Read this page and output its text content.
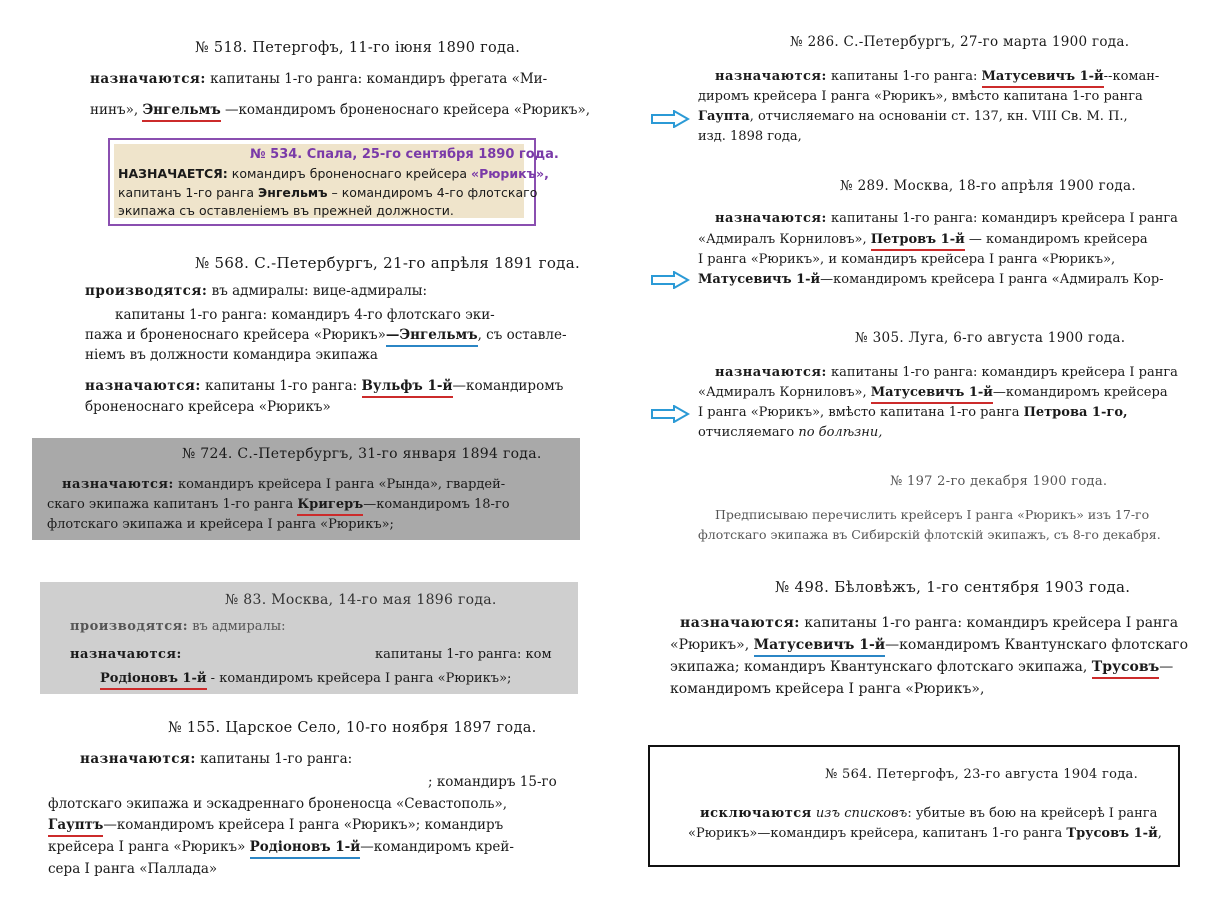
№ 518. Петергофъ, 11-го іюня 1890 года.
назначаются: капитаны 1-го ранга: командиръ фрегата «Ми-
нинъ», Энгельмъ —командиромъ броненоснаго крейсера «Рюрикъ»,
№ 534. Спала, 25-го сентября 1890 года.
НАЗНАЧАЕТСЯ: командиръ броненоснаго крейсера «Рюрикъ»,
капитанъ 1-го ранга Энгельмъ – командиромъ 4-го флотскаго
экипажа съ оставленіемъ въ прежней должности.
№ 568. С.-Петербургъ, 21-го апрѣля 1891 года.
производятся: въ адмиралы: вице-адмиралы:
капитаны 1-го ранга: командиръ 4-го флотскаго эки-
пажа и броненоснаго крейсера «Рюрикъ»—Энгельмъ, съ оставле-
ніемъ въ должности командира экипажа
назначаются: капитаны 1-го ранга: Вульфъ 1-й—командиромъ
броненоснаго крейсера «Рюрикъ»
№ 724. С.-Петербургъ, 31-го января 1894 года.
назначаются: командиръ крейсера I ранга «Рында», гвардей-
скаго экипажа капитанъ 1-го ранга Кригеръ—командиромъ 18-го
флотскаго экипажа и крейсера I ранга «Рюрикъ»;
№ 83. Москва, 14-го мая 1896 года.
производятся: въ адмиралы:
назначаются:	капитаны 1-го ранга: ком
Родіоновъ 1-й - командиромъ крейсера I ранга «Рюрикъ»;
№ 155. Царское Село, 10-го ноября 1897 года.
назначаются: капитаны 1-го ранга:
; командиръ 15-го
флотскаго экипажа и эскадреннаго броненосца «Севастополь»,
Гауптъ—командиромъ крейсера I ранга «Рюрикъ»; командиръ
крейсера I ранга «Рюрикъ» Родіоновъ 1-й—командиромъ крей-
сера I ранга «Паллада»
№ 286. С.-Петербургъ, 27-го марта 1900 года.
назначаются: капитаны 1-го ранга: Матусевичъ 1-й--коман-
диромъ крейсера I ранга «Рюрикъ», вмѣсто капитана 1-го ранга
Гаупта, отчисляемаго на основаніи ст. 137, кн. VIII Св. М. П.,
изд. 1898 года,
№ 289. Москва, 18-го апрѣля 1900 года.
назначаются: капитаны 1-го ранга: командиръ крейсера I ранга
«Адмиралъ Корниловъ», Петровъ 1-й — командиромъ крейсера
I ранга «Рюрикъ», и командиръ крейсера I ранга «Рюрикъ»,
Матусевичъ 1-й—командиромъ крейсера I ранга «Адмиралъ Кор-
№ 305. Луга, 6-го августа 1900 года.
назначаются: капитаны 1-го ранга: командиръ крейсера I ранга
«Адмиралъ Корниловъ», Матусевичъ 1-й—командиромъ крейсера
I ранга «Рюрикъ», вмѣсто капитана 1-го ранга Петрова 1-го,
отчисляемаго по болѣзни,
№ 197 2-го декабря 1900 года.
Предписываю перечислить крейсеръ I ранга «Рюрикъ» изъ 17-го
флотскаго экипажа въ Сибирскій флотскій экипажъ, съ 8-го декабря.
№ 498. Бѣловѣжъ, 1-го сентября 1903 года.
назначаются: капитаны 1-го ранга: командиръ крейсера I ранга
«Рюрикъ», Матусевичъ 1-й—командиромъ Квантунскаго флотскаго
экипажа; командиръ Квантунскаго флотскаго экипажа, Трусовъ—
командиромъ крейсера I ранга «Рюрикъ»,
№ 564. Петергофъ, 23-го августа 1904 года.
исключаются изъ списковъ: убитые въ бою на крейсерѣ I ранга
«Рюрикъ»—командиръ крейсера, капитанъ 1-го ранга Трусовъ 1-й,
